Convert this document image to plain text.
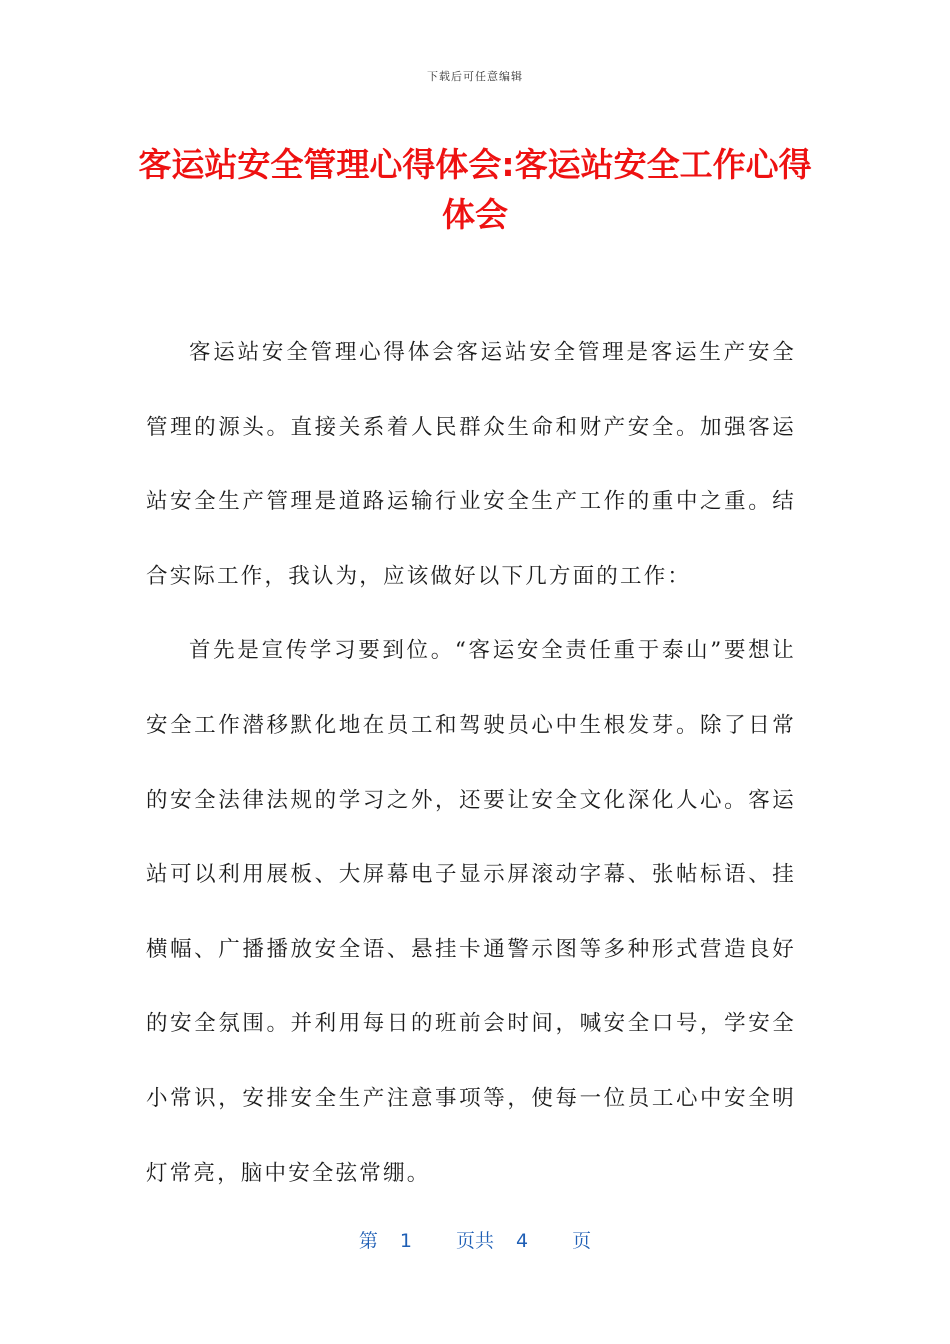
下载后可任意编辑
客运站安全管理心得体会:客运站安全工作心得体会

客运站安全管理心得体会客运站安全管理是客运生产安全管理的源头。直接关系着人民群众生命和财产安全。加强客运站安全生产管理是道路运输行业安全生产工作的重中之重。结合实际工作，我认为，应该做好以下几方面的工作：

首先是宣传学习要到位。“客运安全责任重于泰山”要想让安全工作潜移默化地在员工和驾驶员心中生根发芽。除了日常的安全法律法规的学习之外，还要让安全文化深化人心。客运站可以利用展板、大屏幕电子显示屏滚动字幕、张帖标语、挂横幅、广播播放安全语、悬挂卡通警示图等多种形式营造良好的安全氛围。并利用每日的班前会时间，喊安全口号，学安全小常识，安排安全生产注意事项等，使每一位员工心中安全明灯常亮，脑中安全弦常绷。

第 1 页共 4 页
